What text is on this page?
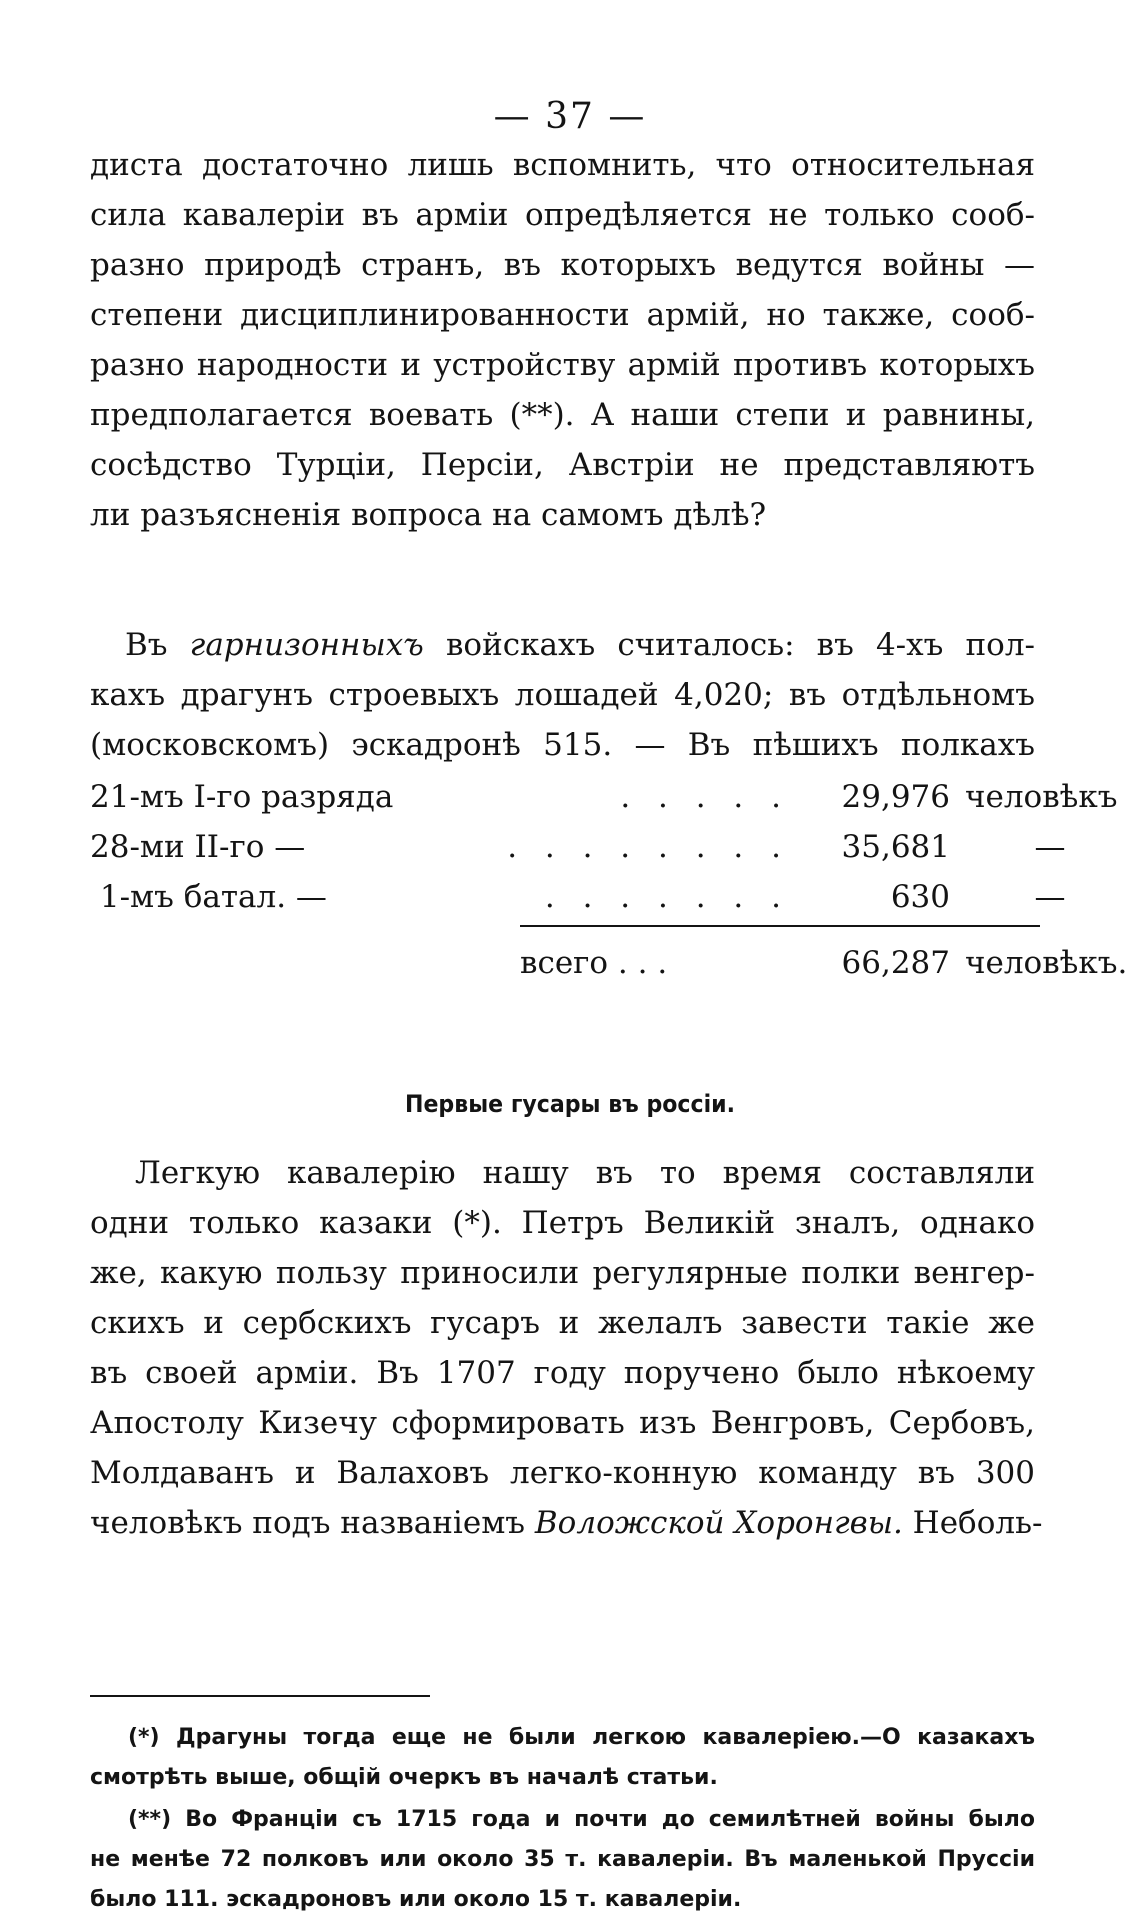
— 37 —
диста достаточно лишь вспомнить, что относительная
сила кавалерiи въ армiи опредѣляется не только сооб-
разно природѣ странъ, въ которыхъ ведутся войны —
степени дисциплинированности армiй, но также, сооб-
разно народности и устройству армiй противъ которыхъ
предполагается воевать (**). А наши степи и равнины,
сосѣдство Турцiи, Персiи, Австрiи не представляютъ
ли разъясненiя вопроса на самомъ дѣлѣ?
Въ гарнизонныхъ войскахъ считалось: въ 4-хъ пол-
кахъ драгунъ строевыхъ лошадей 4,020; въ отдѣльномъ
(московскомъ) эскадронѣ 515. — Въ пѣшихъ полкахъ
21-мъ I-го разряда	. . . . .	29,976 человѣкъ
28-ми II-го —	. . . . . . . .	35,681	—
1-мъ батал. —	. . . . . . .	630	—
всего . . .	66,287 человѣкъ.
Первые гусары въ россiи.
Легкую кавалерiю нашу въ то время составляли
одни только казаки (*). Петръ Великiй зналъ, однако
же, какую пользу приносили регулярные полки венгер-
скихъ и сербскихъ гусаръ и желалъ завести такiе же
въ своей армiи. Въ 1707 году поручено было нѣкоему
Апостолу Кизечу сформировать изъ Венгровъ, Сербовъ,
Молдаванъ и Валаховъ легко-конную команду въ 300
человѣкъ подъ названiемъ Воложской Хоронгвы. Неболь-
(*) Драгуны тогда еще не были легкою кавалерiею.—О казакахъ
смотрѣть выше, общiй очеркъ въ началѣ статьи.
(**) Во Францiи съ 1715 года и почти до семилѣтней войны было
не менѣе 72 полковъ или около 35 т. кавалерiи. Въ маленькой Пруссiи
было 111. эскадроновъ или около 15 т. кавалерiи.
